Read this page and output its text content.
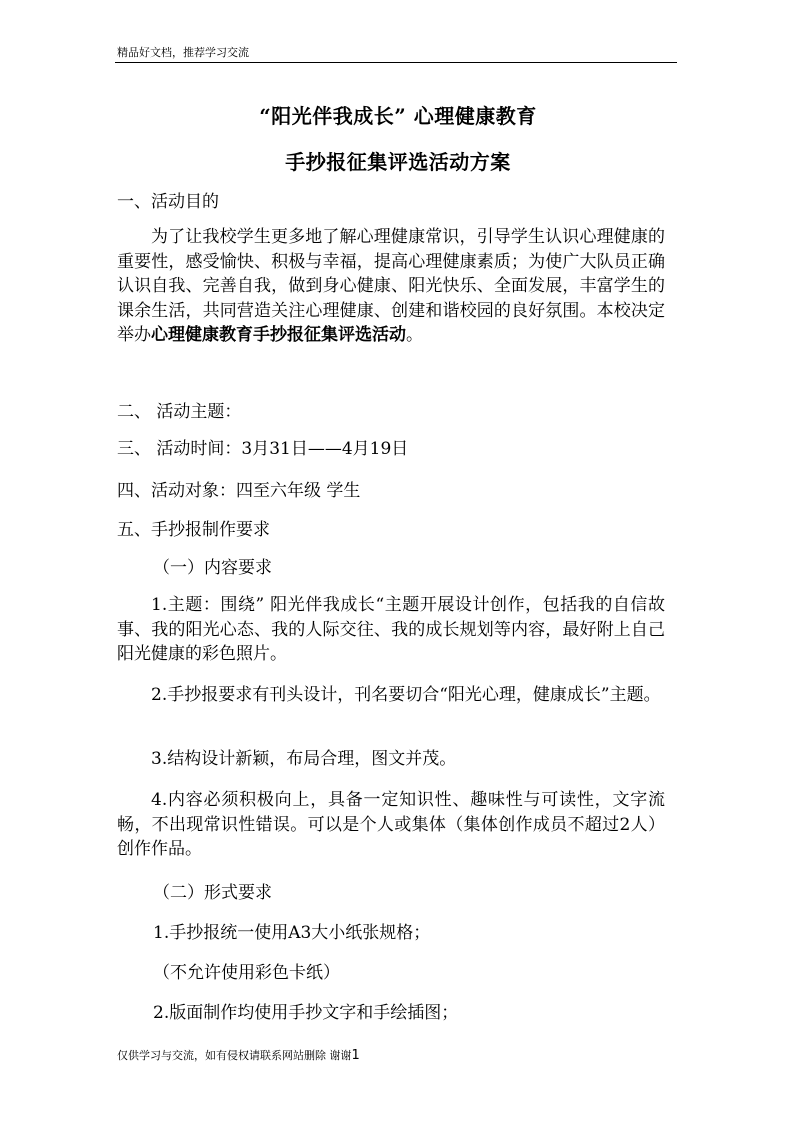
精品好文档，推荐学习交流
“阳光伴我成长” 心理健康教育
手抄报征集评选活动方案
一、活动目的
为了让我校学生更多地了解心理健康常识，引导学生认识心理健康的重要性，感受愉快、积极与幸福，提高心理健康素质；为使广大队员正确认识自我、完善自我，做到身心健康、阳光快乐、全面发展，丰富学生的课余生活，共同营造关注心理健康、创建和谐校园的良好氛围。本校决定举办心理健康教育手抄报征集评选活动。
二、 活动主题：
三、 活动时间：3月31日——4月19日
四、活动对象：四至六年级 学生
五、手抄报制作要求
（一）内容要求
1.主题：围绕” 阳光伴我成长“主题开展设计创作，包括我的自信故事、我的阳光心态、我的人际交往、我的成长规划等内容，最好附上自己阳光健康的彩色照片。
2.手抄报要求有刊头设计，刊名要切合“阳光心理，健康成长”主题。
3.结构设计新颖，布局合理，图文并茂。
4.内容必须积极向上，具备一定知识性、趣味性与可读性，文字流畅，不出现常识性错误。可以是个人或集体（集体创作成员不超过2人）创作作品。
（二）形式要求
1.手抄报统一使用A3大小纸张规格；
（不允许使用彩色卡纸）
2.版面制作均使用手抄文字和手绘插图；
仅供学习与交流，如有侵权请联系网站删除 谢谢1
